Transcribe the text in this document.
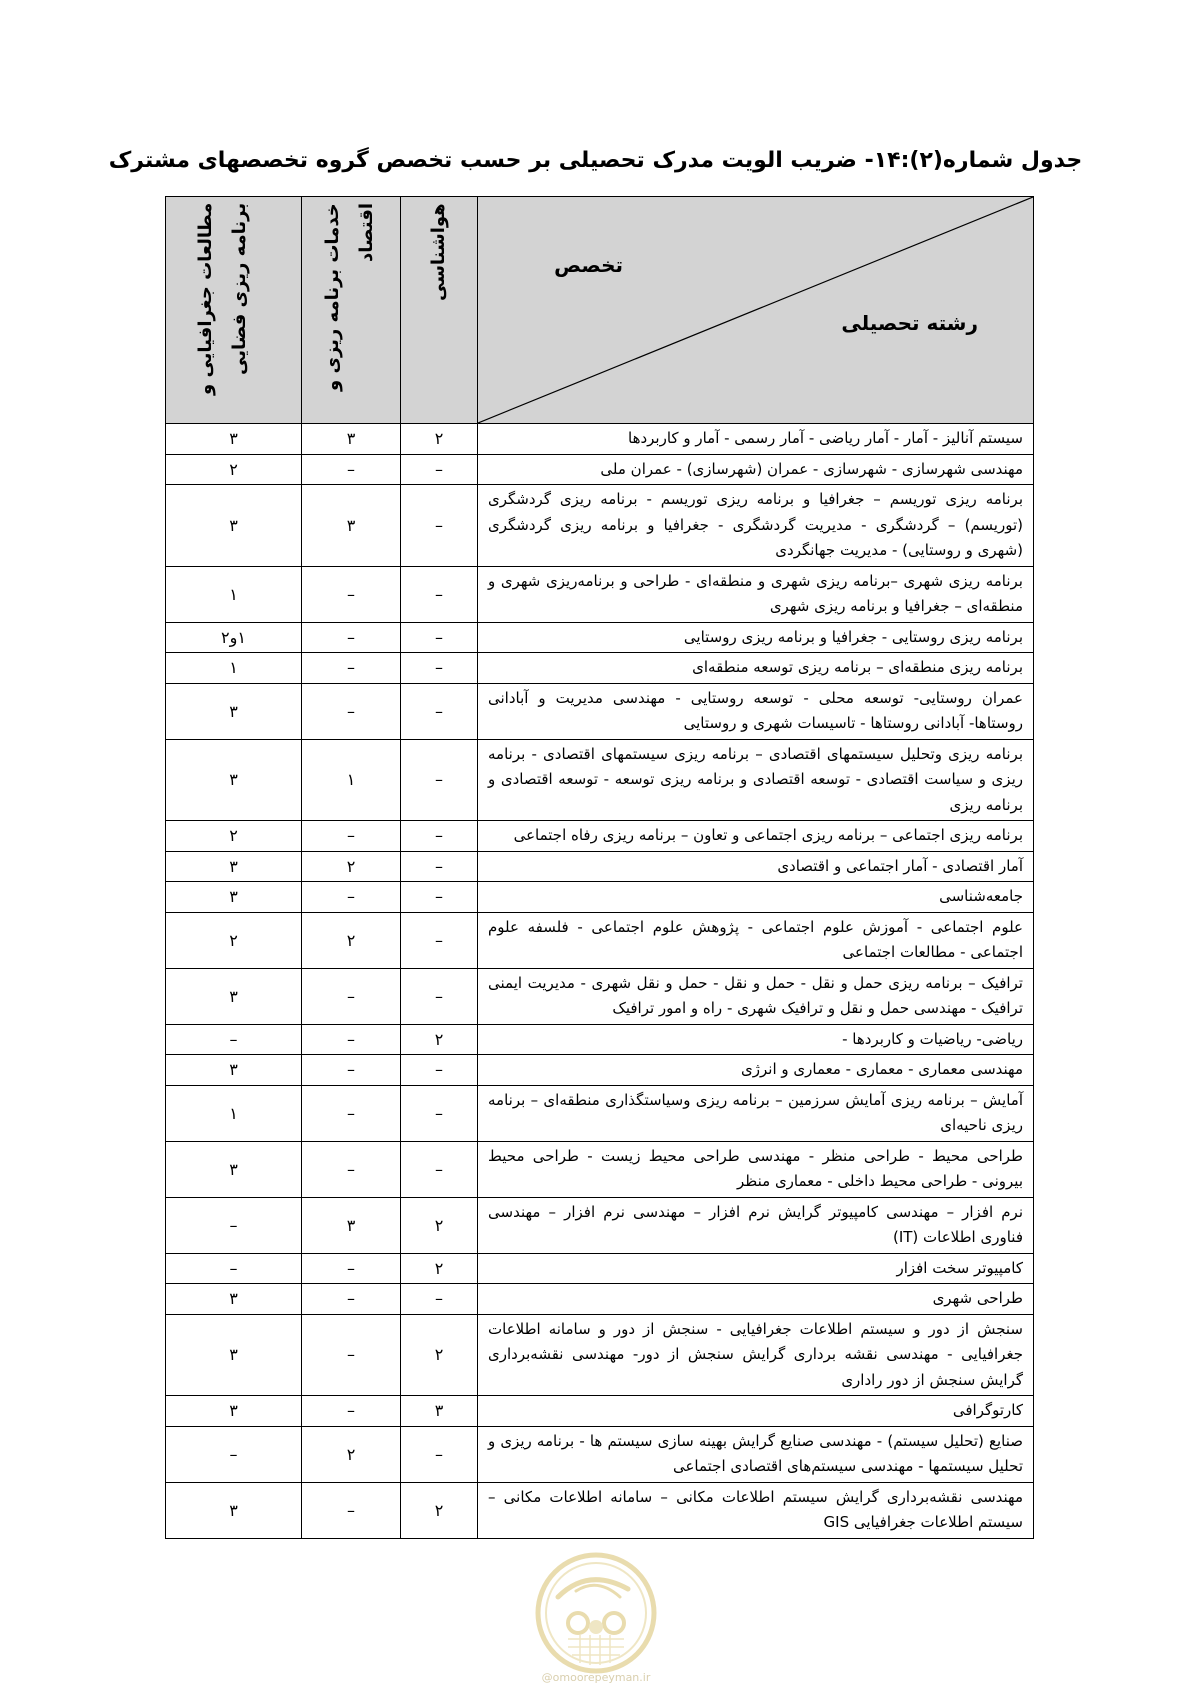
جدول شماره(۲):۱۴- ضریب الویت مدرک تحصیلی بر حسب تخصص گروه تخصصهای مشترک
تخصص
رشته تحصیلی	هواشناسی	خدمات برنامه ریزی و اقتصاد	مطالعات جغرافیایی و برنامه ریزی فضایی

سیستم آنالیز - آمار - آمار ریاضی - آمار رسمی - آمار و کاربردها	۲	۳	۳
مهندسی شهرسازی - شهرسازی - عمران (شهرسازی) - عمران ملی	–	–	۲
برنامه ریزی توریسم – جغرافیا و برنامه ریزی توریسم - برنامه ریزی گردشگری (توریسم) – گردشگری - مدیریت گردشگری - جغرافیا و برنامه ریزی گردشگری (شهری و روستایی) - مدیریت جهانگردی	–	۳	۳
برنامه ریزی شهری –برنامه ریزی شهری و منطقه‌ای - طراحی و برنامه‌ریزی شهری و منطقه‌ای – جغرافیا و برنامه ریزی شهری	–	–	۱
برنامه ریزی روستایی - جغرافیا و برنامه ریزی روستایی	–	–	۱و۲
برنامه ریزی منطقه‌ای – برنامه ریزی توسعه منطقه‌ای	–	–	۱
عمران روستایی- توسعه محلی - توسعه روستایی - مهندسی مدیریت و آبادانی روستاها- آبادانی روستاها - تاسیسات شهری و روستایی	–	–	۳
برنامه ریزی وتحلیل سیستمهای اقتصادی – برنامه ریزی سیستمهای اقتصادی - برنامه ریزی و سیاست اقتصادی - توسعه اقتصادی و برنامه ریزی توسعه - توسعه اقتصادی و برنامه ریزی	–	۱	۳
برنامه ریزی اجتماعی – برنامه ریزی اجتماعی و تعاون – برنامه ریزی رفاه اجتماعی	–	–	۲
آمار اقتصادی - آمار اجتماعی و اقتصادی	–	۲	۳
جامعه‌شناسی	–	–	۳
علوم اجتماعی - آموزش علوم اجتماعی - پژوهش علوم اجتماعی - فلسفه علوم اجتماعی - مطالعات اجتماعی	–	۲	۲
ترافیک – برنامه ریزی حمل و نقل - حمل و نقل - حمل و نقل شهری - مدیریت ایمنی ترافیک - مهندسی حمل و نقل و ترافیک شهری - راه و امور ترافیک	–	–	۳
ریاضی- ریاضیات و کاربردها -	۲	–	–
مهندسی معماری - معماری - معماری و انرژی	–	–	۳
آمایش – برنامه ریزی آمایش سرزمین – برنامه ریزی وسیاستگذاری منطقه‌ای – برنامه ریزی ناحیه‌ای	–	–	۱
طراحی محیط - طراحی منظر - مهندسی طراحی محیط زیست - طراحی محیط بیرونی - طراحی محیط داخلی - معماری منظر	–	–	۳
نرم افزار – مهندسی کامپیوتر گرایش نرم افزار – مهندسی نرم افزار – مهندسی فناوری اطلاعات (IT)	۲	۳	–
کامپیوتر سخت افزار	۲	–	–
طراحی شهری	–	–	۳
سنجش از دور و سیستم اطلاعات جغرافیایی - سنجش از دور و سامانه اطلاعات جغرافیایی - مهندسی نقشه برداری گرایش سنجش از دور- مهندسی نقشه‌برداری گرایش سنجش از دور راداری	۲	–	۳
کارتوگرافی	۳	–	۳
صنایع (تحلیل سیستم) - مهندسی صنایع گرایش بهینه سازی سیستم ها - برنامه ریزی و تحلیل سیستمها - مهندسی سیستم‌های اقتصادی اجتماعی	–	۲	–
مهندسی نقشه‌برداری گرایش سیستم اطلاعات مکانی – سامانه اطلاعات مکانی – سیستم اطلاعات جغرافیایی GIS	۲	–	۳
@omoorepeyman.ir
